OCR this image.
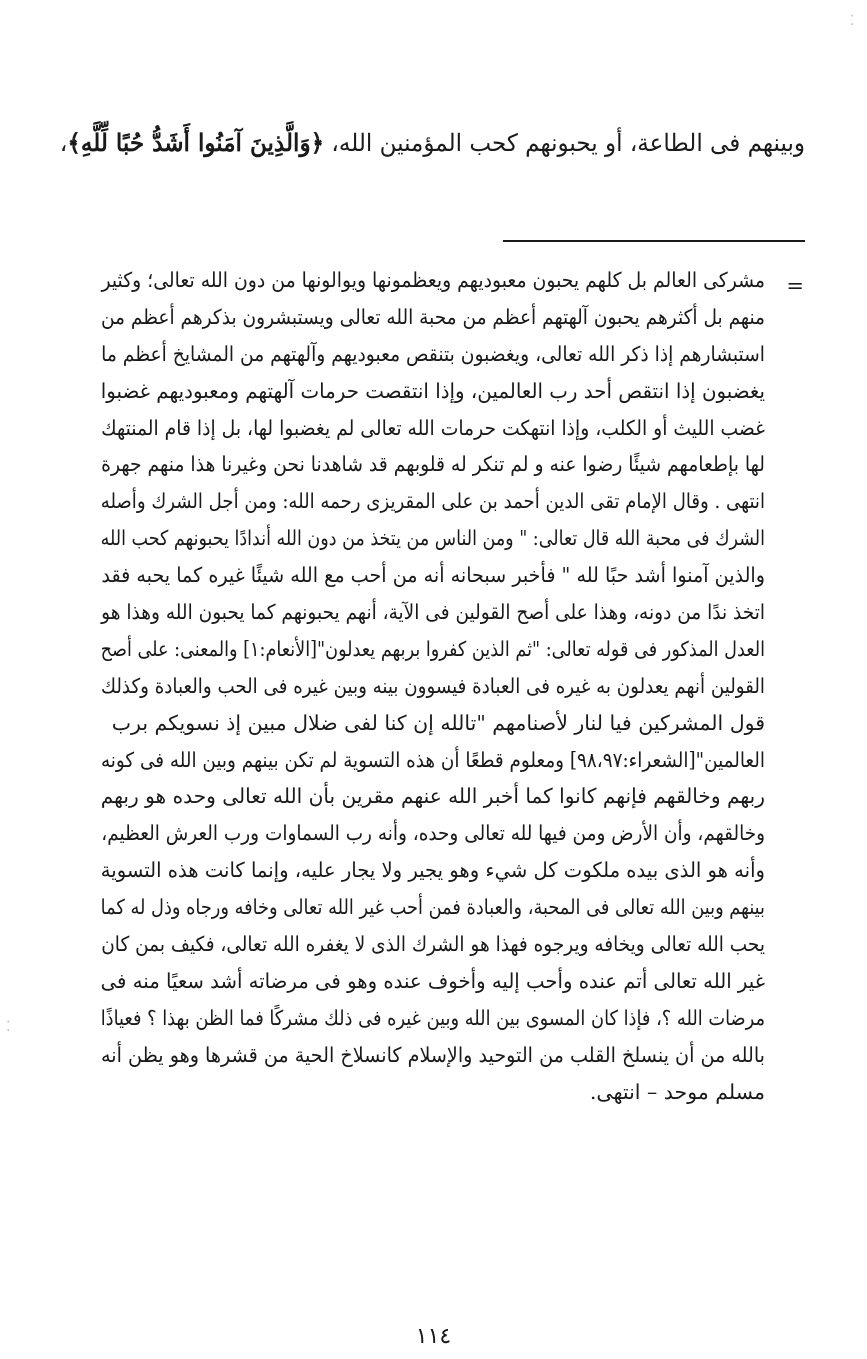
وبينهم فى الطاعة، أو يحبونهم كحب المؤمنين الله، ﴿وَالَّذِينَ آمَنُوا أَشَدُّ حُبًا لِّلَّهِ﴾،
=
مشركى العالم بل كلهم يحبون معبوديهم ويعظمونها ويوالونها من دون الله تعالى؛ وكثير
منهم بل أكثرهم يحبون آلهتهم أعظم من محبة الله تعالى ويستبشرون بذكرهم أعظم من
استبشارهم إذا ذكر الله تعالى، ويغضبون بتنقص معبوديهم وآلهتهم من المشايخ أعظم ما
يغضبون إذا انتقص أحد رب العالمين، وإذا انتقصت حرمات آلهتهم ومعبوديهم غضبوا
غضب الليث أو الكلب، وإذا انتهكت حرمات الله تعالى لم يغضبوا لها، بل إذا قام المنتهك
لها بإطعامهم شيئًا رضوا عنه و لم تنكر له قلوبهم قد شاهدنا نحن وغيرنا هذا منهم جهرة
انتهى . وقال الإمام تقى الدين أحمد بن على المقريزى رحمه الله: ومن أجل الشرك وأصله
الشرك فى محبة الله قال تعالى: " ومن الناس من يتخذ من دون الله أندادًا يحبونهم كحب الله
والذين آمنوا أشد حبًا لله " فأخبر سبحانه أنه من أحب مع الله شيئًا غيره كما يحبه فقد
اتخذ ندًا من دونه، وهذا على أصح القولين فى الآية، أنهم يحبونهم كما يحبون الله وهذا هو
العدل المذكور فى قوله تعالى: "ثم الذين كفروا بربهم يعدلون"[الأنعام:١] والمعنى: على أصح
القولين أنهم يعدلون به غيره فى العبادة فيسوون بينه وبين غيره فى الحب والعبادة وكذلك
قول المشركين فيا لنار لأصنامهم "تالله إن كنا لفى ضلال مبين إذ نسويكم برب
العالمين"[الشعراء:٩٨،٩٧] ومعلوم قطعًا أن هذه التسوية لم تكن بينهم وبين الله فى كونه
ربهم وخالقهم فإنهم كانوا كما أخبر الله عنهم مقرين بأن الله تعالى وحده هو ربهم
وخالقهم، وأن الأرض ومن فيها لله تعالى وحده، وأنه رب السماوات ورب العرش العظيم،
وأنه هو الذى بيده ملكوت كل شيء وهو يجير ولا يجار عليه، وإنما كانت هذه التسوية
بينهم وبين الله تعالى فى المحبة، والعبادة فمن أحب غير الله تعالى وخافه ورجاه وذل له كما
يحب الله تعالى ويخافه ويرجوه فهذا هو الشرك الذى لا يغفره الله تعالى، فكيف بمن كان
غير الله تعالى أتم عنده وأحب إليه وأخوف عنده وهو فى مرضاته أشد سعيًا منه فى
مرضات الله ؟، فإذا كان المسوى بين الله وبين غيره فى ذلك مشركًا فما الظن بهذا ؟ فعياذًا
بالله من أن ينسلخ القلب من التوحيد والإسلام كانسلاخ الحية من قشرها وهو يظن أنه
مسلم موحد – انتهى.
١١٤
⁚
⁚
